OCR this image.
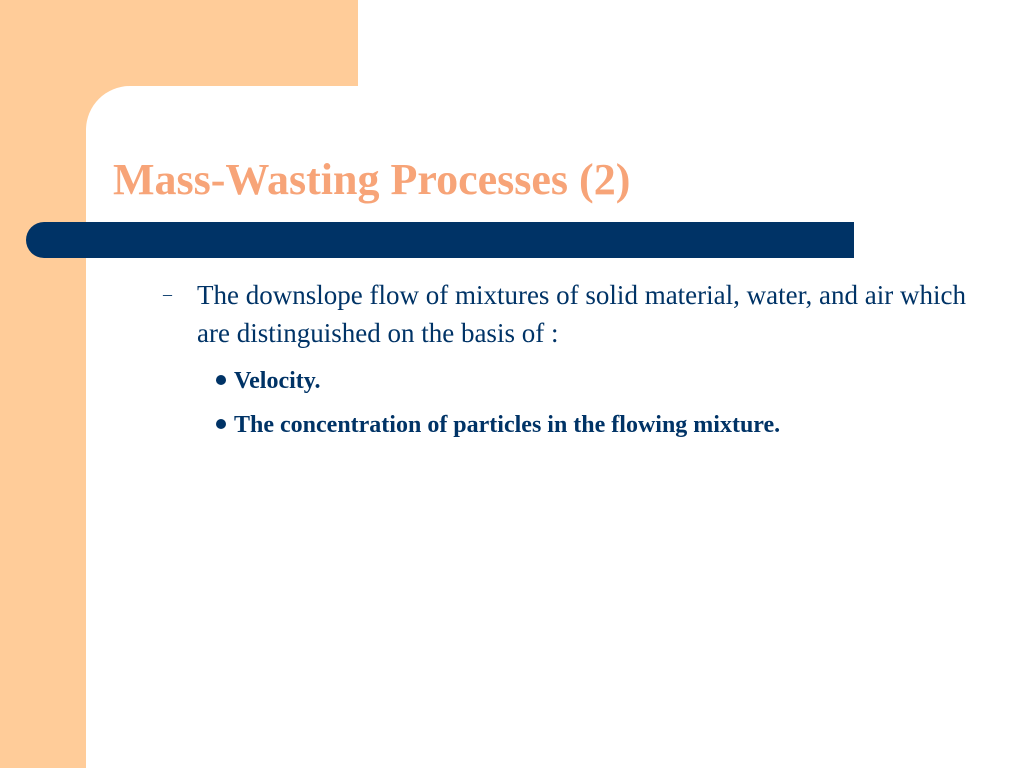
Mass-Wasting Processes (2)
– The downslope flow of mixtures of solid material, water, and air which are distinguished on the basis of :

Velocity.
The concentration of particles in the flowing mixture.
